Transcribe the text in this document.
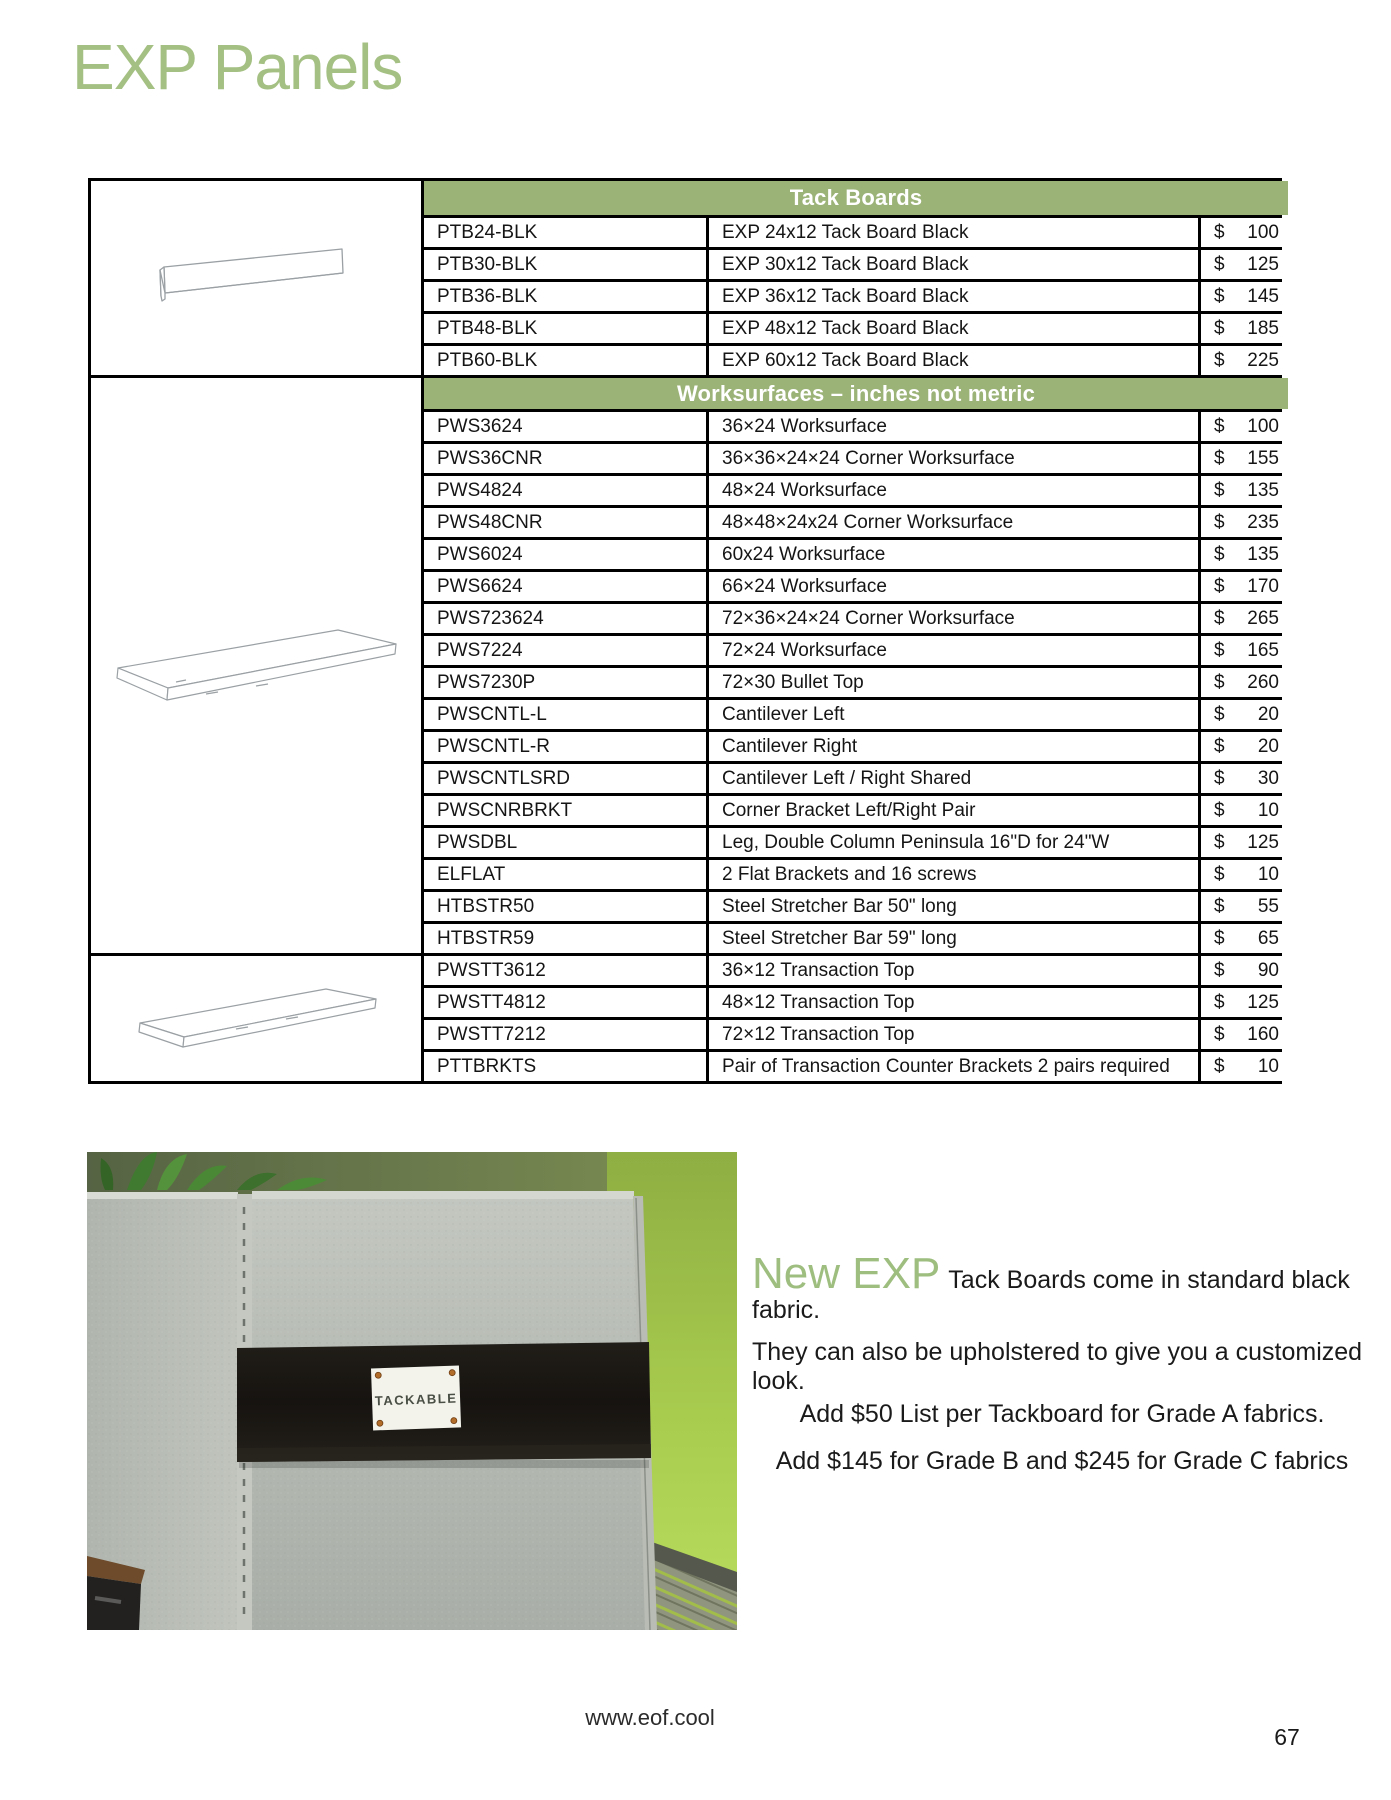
EXP Panels
Tack Boards
PTB24-BLK	EXP 24x12 Tack Board Black	$ 100
PTB30-BLK	EXP 30x12 Tack Board Black	$ 125
PTB36-BLK	EXP 36x12 Tack Board Black	$ 145
PTB48-BLK	EXP 48x12 Tack Board Black	$ 185
PTB60-BLK	EXP 60x12 Tack Board Black	$ 225
Worksurfaces – inches not metric
PWS3624	36×24 Worksurface	$ 100
PWS36CNR	36×36×24×24 Corner Worksurface	$ 155
PWS4824	48×24 Worksurface	$ 135
PWS48CNR	48×48×24x24 Corner Worksurface	$ 235
PWS6024	60x24 Worksurface	$ 135
PWS6624	66×24 Worksurface	$ 170
PWS723624	72×36×24×24 Corner Worksurface	$ 265
PWS7224	72×24 Worksurface	$ 165
PWS7230P	72×30 Bullet Top	$ 260
PWSCNTL-L	Cantilever Left	$ 20
PWSCNTL-R	Cantilever Right	$ 20
PWSCNTLSRD	Cantilever Left / Right Shared	$ 30
PWSCNRBRKT	Corner Bracket Left/Right Pair	$ 10
PWSDBL	Leg, Double Column Peninsula 16"D for 24"W	$ 125
ELFLAT	2 Flat Brackets and 16 screws	$ 10
HTBSTR50	Steel Stretcher Bar 50" long	$ 55
HTBSTR59	Steel Stretcher Bar 59" long	$ 65
PWSTT3612	36×12 Transaction Top	$ 90
PWSTT4812	48×12 Transaction Top	$ 125
PWSTT7212	72×12 Transaction Top	$ 160
PTTBRKTS	Pair of Transaction Counter Brackets 2 pairs required	$ 10
TACKABLE
New EXP Tack Boards come in standard black fabric.
They can also be upholstered to give you a customized look.
Add $50 List per Tackboard for Grade A fabrics.
Add $145 for Grade B and $245 for Grade C fabrics
www.eof.cool
67
